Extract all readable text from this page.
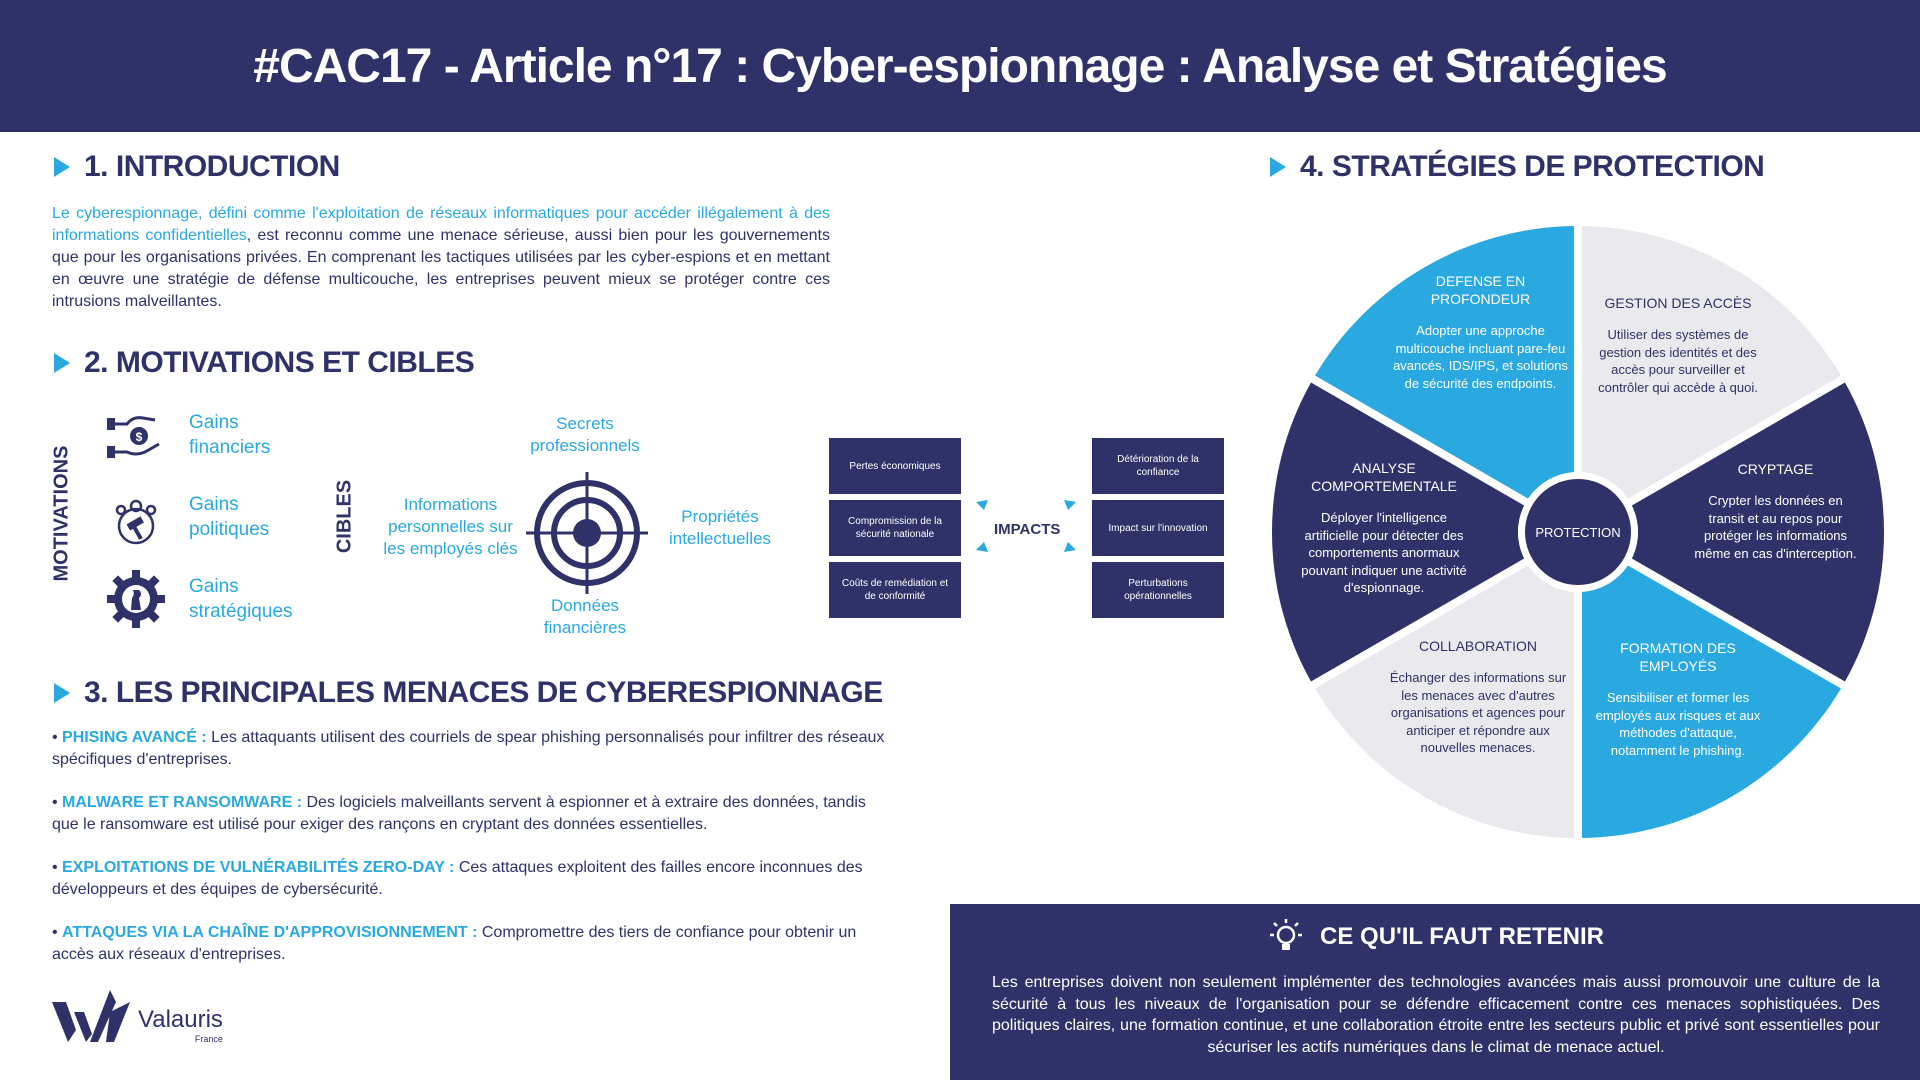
#CAC17 - Article n°17 : Cyber-espionnage : Analyse et Stratégies
1. INTRODUCTION

Le cyberespionnage, défini comme l'exploitation de réseaux informatiques pour accéder illégalement à des informations confidentielles, est reconnu comme une menace sérieuse, aussi bien pour les gouvernements que pour les organisations privées. En comprenant les tactiques utilisées par les cyber-espions et en mettant en œuvre une stratégie de défense multicouche, les entreprises peuvent mieux se protéger contre ces intrusions malveillantes.

2. MOTIVATIONS ET CIBLES
MOTIVATIONS
$
Gains
financiers
Gains
politiques
Gains
stratégiques
CIBLES
Secrets professionnels
Informations personnelles sur les employés clés
Propriétés intellectuelles
Données financières
Pertes économiques
Compromission de la sécurité nationale
Coûts de remédiation et de conformité
Détérioration de la confiance
Impact sur l'innovation
Perturbations opérationnelles
IMPACTS
3. LES PRINCIPALES MENACES DE CYBERESPIONNAGE

• PHISING AVANCÉ : Les attaquants utilisent des courriels de spear phishing personnalisés pour infiltrer des réseaux spécifiques d'entreprises.

• MALWARE ET RANSOMWARE : Des logiciels malveillants servent à espionner et à extraire des données, tandis que le ransomware est utilisé pour exiger des rançons en cryptant des données essentielles.

• EXPLOITATIONS DE VULNÉRABILITÉS ZERO-DAY : Ces attaques exploitent des failles encore inconnues des développeurs et des équipes de cybersécurité.

• ATTAQUES VIA LA CHAÎNE D'APPROVISIONNEMENT : Compromettre des tiers de confiance pour obtenir un accès aux réseaux d'entreprises.

Valauris
France
4. STRATÉGIES DE PROTECTION
DEFENSE EN PROFONDEUR
Adopter une approche multicouche incluant pare-feu avancés, IDS/IPS, et solutions de sécurité des endpoints.
GESTION DES ACCÈS
Utiliser des systèmes de gestion des identités et des accès pour surveiller et contrôler qui accède à quoi.
CRYPTAGE
Crypter les données en transit et au repos pour protéger les informations même en cas d'interception.
FORMATION DES EMPLOYÉS
Sensibiliser et former les employés aux risques et aux méthodes d'attaque, notamment le phishing.
COLLABORATION
Échanger des informations sur les menaces avec d'autres organisations et agences pour anticiper et répondre aux nouvelles menaces.
ANALYSE COMPORTEMENTALE
Déployer l'intelligence artificielle pour détecter des comportements anormaux pouvant indiquer une activité d'espionnage.
PROTECTION
CE QU'IL FAUT RETENIR

Les entreprises doivent non seulement implémenter des technologies avancées mais aussi promouvoir une culture de la sécurité à tous les niveaux de l'organisation pour se défendre efficacement contre ces menaces sophistiquées. Des politiques claires, une formation continue, et une collaboration étroite entre les secteurs public et privé sont essentielles pour sécuriser les actifs numériques dans le climat de menace actuel.
